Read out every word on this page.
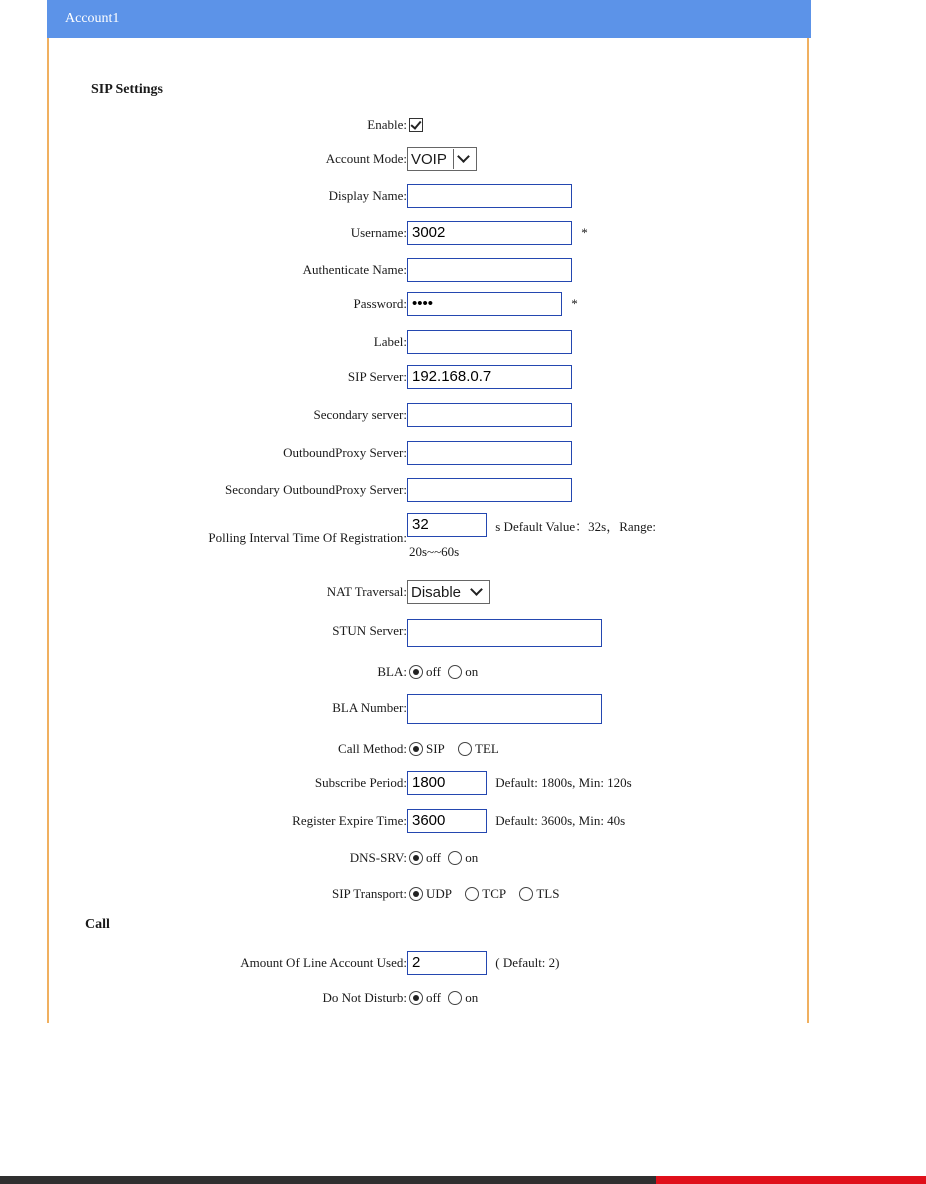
Account1
SIP Settings
Enable:
Account Mode: VOIP
Display Name:
Username: 3002	*
Authenticate Name:
Password: ••••	*
Label:
SIP Server: 192.168.0.7
Secondary server:
OutboundProxy Server:
Secondary OutboundProxy Server:
Polling Interval Time Of Registration:
32	s Default Value：32s，Range:
20s~~60s
NAT Traversal: Disable
STUN Server:
BLA:	off on
BLA Number:
Call Method:	SIP TEL
Subscribe Period: 1800	Default: 1800s, Min: 120s
Register Expire Time: 3600	Default: 3600s, Min: 40s
DNS-SRV:	off on
SIP Transport:	UDP TCP TLS
Call
Amount Of Line Account Used: 2	( Default: 2)
Do Not Disturb:	off on
